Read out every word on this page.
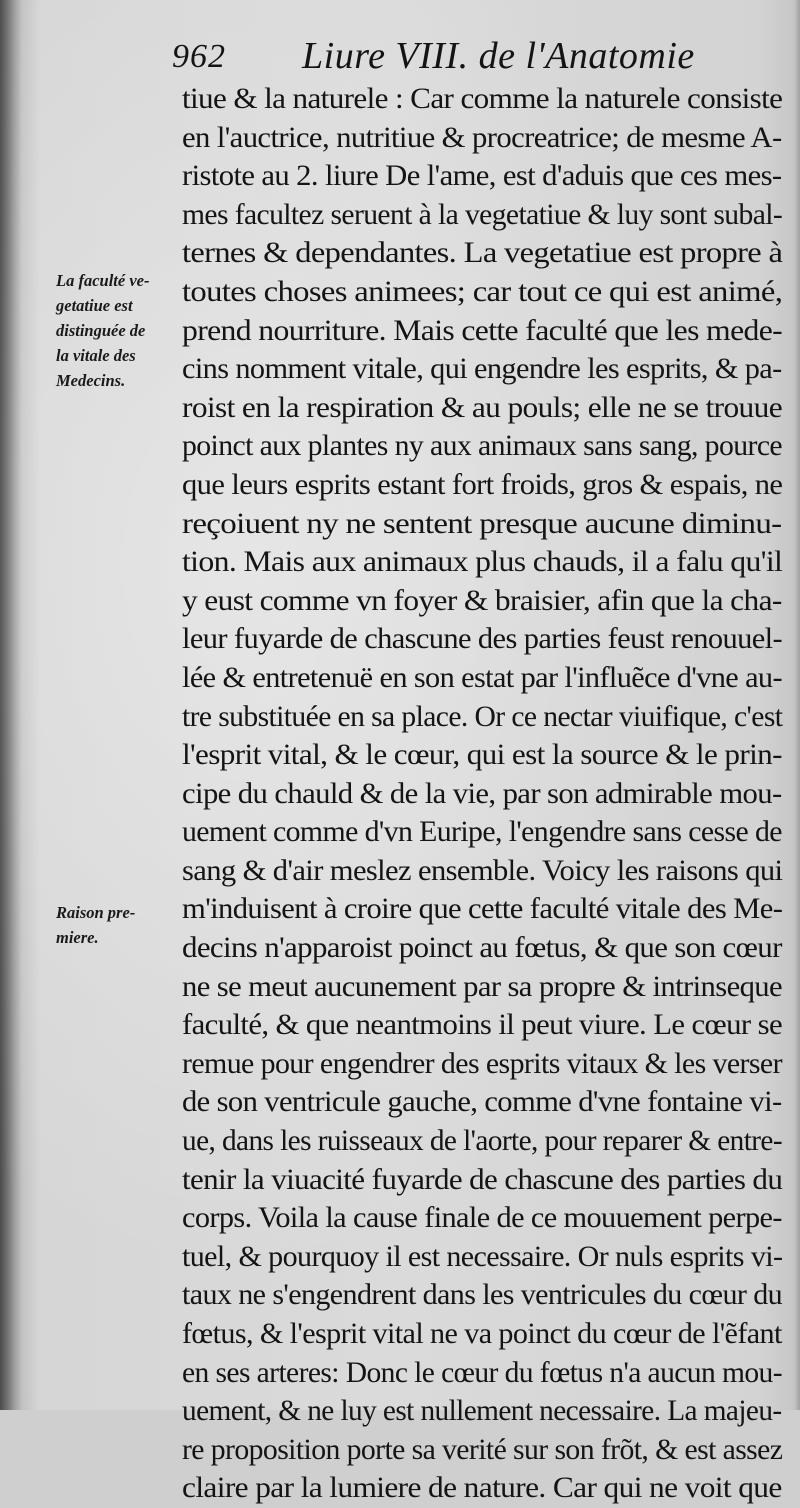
962 Liure VIII. de l'Anatomie
La faculté ve-
getatiue est
distinguée de
la vitale des
Medecins.
Raison pre-
miere.
tiue & la naturele : Car comme la naturele consiste
en l'auctrice, nutritiue & procreatrice; de mesme A-
ristote au 2. liure De l'ame, est d'aduis que ces mes-
mes facultez seruent à la vegetatiue & luy sont subal-
ternes & dependantes. La vegetatiue est propre à
toutes choses animees; car tout ce qui est animé,
prend nourriture. Mais cette faculté que les mede-
cins nomment vitale, qui engendre les esprits, & pa-
roist en la respiration & au pouls; elle ne se trouue
poinct aux plantes ny aux animaux sans sang, pource
que leurs esprits estant fort froids, gros & espais, ne
reçoiuent ny ne sentent presque aucune diminu-
tion. Mais aux animaux plus chauds, il a falu qu'il
y eust comme vn foyer & braisier, afin que la cha-
leur fuyarde de chascune des parties feust renouuel-
lée & entretenuë en son estat par l'influẽce d'vne au-
tre substituée en sa place. Or ce nectar viuifique, c'est
l'esprit vital, & le cœur, qui est la source & le prin-
cipe du chauld & de la vie, par son admirable mou-
uement comme d'vn Euripe, l'engendre sans cesse de
sang & d'air meslez ensemble. Voicy les raisons qui
m'induisent à croire que cette faculté vitale des Me-
decins n'apparoist poinct au fœtus, & que son cœur
ne se meut aucunement par sa propre & intrinseque
faculté, & que neantmoins il peut viure. Le cœur se
remue pour engendrer des esprits vitaux & les verser
de son ventricule gauche, comme d'vne fontaine vi-
ue, dans les ruisseaux de l'aorte, pour reparer & entre-
tenir la viuacité fuyarde de chascune des parties du
corps. Voila la cause finale de ce mouuement perpe-
tuel, & pourquoy il est necessaire. Or nuls esprits vi-
taux ne s'engendrent dans les ventricules du cœur du
fœtus, & l'esprit vital ne va poinct du cœur de l'ẽfant
en ses arteres: Donc le cœur du fœtus n'a aucun mou-
uement, & ne luy est nullement necessaire. La majeu-
re proposition porte sa verité sur son frõt, & est assez
claire par la lumiere de nature. Car qui ne voit que
